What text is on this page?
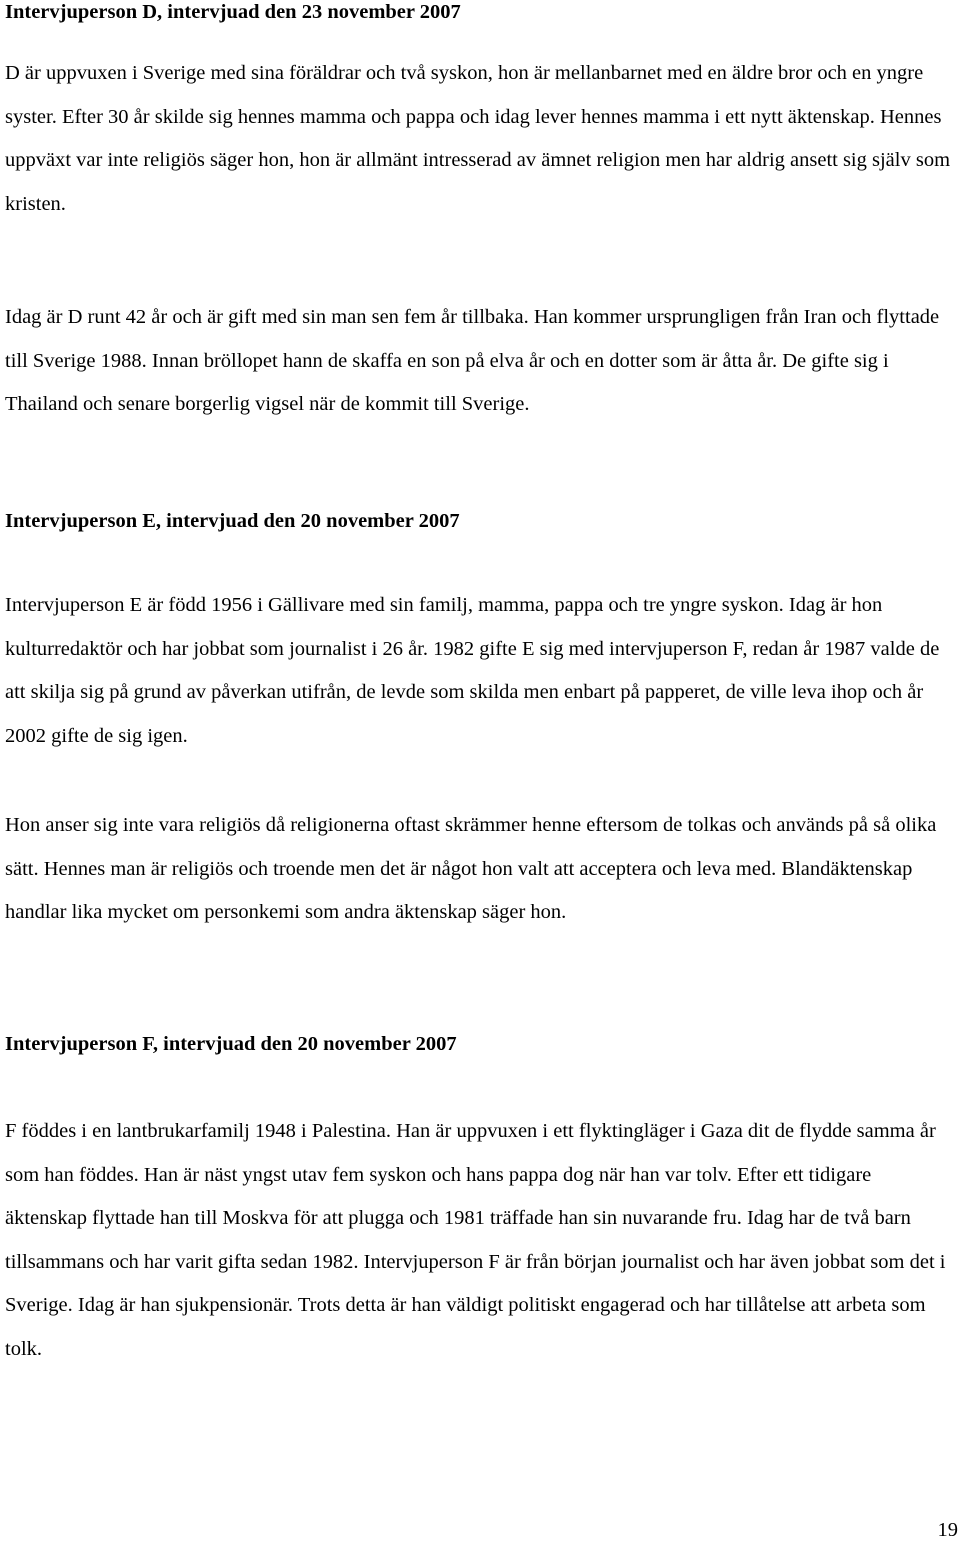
Intervjuperson D, intervjuad den 23 november 2007

D är uppvuxen i Sverige med sina föräldrar och två syskon, hon är mellanbarnet med en äldre bror och en yngre syster. Efter 30 år skilde sig hennes mamma och pappa och idag lever hennes mamma i ett nytt äktenskap. Hennes uppväxt var inte religiös säger hon, hon är allmänt intresserad av ämnet religion men har aldrig ansett sig själv som kristen.

Idag är D runt 42 år och är gift med sin man sen fem år tillbaka. Han kommer ursprungligen från Iran och flyttade till Sverige 1988. Innan bröllopet hann de skaffa en son på elva år och en dotter som är åtta år. De gifte sig i Thailand och senare borgerlig vigsel när de kommit till Sverige.

Intervjuperson E, intervjuad den 20 november 2007

Intervjuperson E är född 1956 i Gällivare med sin familj, mamma, pappa och tre yngre syskon. Idag är hon kulturredaktör och har jobbat som journalist i 26 år. 1982 gifte E sig med intervjuperson F, redan år 1987 valde de att skilja sig på grund av påverkan utifrån, de levde som skilda men enbart på papperet, de ville leva ihop och år 2002 gifte de sig igen.

Hon anser sig inte vara religiös då religionerna oftast skrämmer henne eftersom de tolkas och används på så olika sätt. Hennes man är religiös och troende men det är något hon valt att acceptera och leva med. Blandäktenskap handlar lika mycket om personkemi som andra äktenskap säger hon.

Intervjuperson F, intervjuad den 20 november 2007

F föddes i en lantbrukarfamilj 1948 i Palestina. Han är uppvuxen i ett flyktingläger i Gaza dit de flydde samma år som han föddes. Han är näst yngst utav fem syskon och hans pappa dog när han var tolv. Efter ett tidigare äktenskap flyttade han till Moskva för att plugga och 1981 träffade han sin nuvarande fru. Idag har de två barn tillsammans och har varit gifta sedan 1982. Intervjuperson F är från början journalist och har även jobbat som det i Sverige. Idag är han sjukpensionär. Trots detta är han väldigt politiskt engagerad och har tillåtelse att arbeta som tolk.

19
